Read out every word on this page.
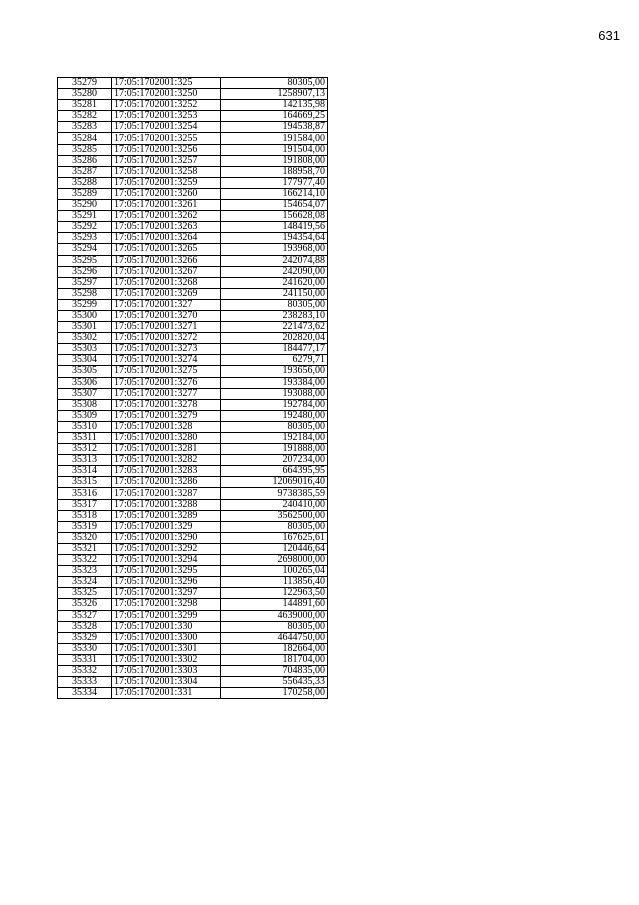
631
35279	17:05:1702001:325	80305,00
35280	17:05:1702001:3250	1258907,13
35281	17:05:1702001:3252	142135,98
35282	17:05:1702001:3253	164669,25
35283	17:05:1702001:3254	194538,87
35284	17:05:1702001:3255	191584,00
35285	17:05:1702001:3256	191504,00
35286	17:05:1702001:3257	191808,00
35287	17:05:1702001:3258	188958,70
35288	17:05:1702001:3259	177977,40
35289	17:05:1702001:3260	166214,10
35290	17:05:1702001:3261	154654,07
35291	17:05:1702001:3262	156628,08
35292	17:05:1702001:3263	148419,56
35293	17:05:1702001:3264	194354,64
35294	17:05:1702001:3265	193968,00
35295	17:05:1702001:3266	242074,88
35296	17:05:1702001:3267	242090,00
35297	17:05:1702001:3268	241620,00
35298	17:05:1702001:3269	241150,00
35299	17:05:1702001:327	80305,00
35300	17:05:1702001:3270	238283,10
35301	17:05:1702001:3271	221473,62
35302	17:05:1702001:3272	202820,04
35303	17:05:1702001:3273	184477,17
35304	17:05:1702001:3274	6279,71
35305	17:05:1702001:3275	193656,00
35306	17:05:1702001:3276	193384,00
35307	17:05:1702001:3277	193088,00
35308	17:05:1702001:3278	192784,00
35309	17:05:1702001:3279	192480,00
35310	17:05:1702001:328	80305,00
35311	17:05:1702001:3280	192184,00
35312	17:05:1702001:3281	191888,00
35313	17:05:1702001:3282	207234,00
35314	17:05:1702001:3283	664395,95
35315	17:05:1702001:3286	12069016,40
35316	17:05:1702001:3287	9738385,59
35317	17:05:1702001:3288	240410,00
35318	17:05:1702001:3289	3562500,00
35319	17:05:1702001:329	80305,00
35320	17:05:1702001:3290	167625,61
35321	17:05:1702001:3292	120446,64
35322	17:05:1702001:3294	2698000,00
35323	17:05:1702001:3295	100265,04
35324	17:05:1702001:3296	113856,40
35325	17:05:1702001:3297	122963,50
35326	17:05:1702001:3298	144891,60
35327	17:05:1702001:3299	4639000,00
35328	17:05:1702001:330	80305,00
35329	17:05:1702001:3300	4644750,00
35330	17:05:1702001:3301	182664,00
35331	17:05:1702001:3302	181704,00
35332	17:05:1702001:3303	704835,00
35333	17:05:1702001:3304	556435,33
35334	17:05:1702001:331	170258,00
